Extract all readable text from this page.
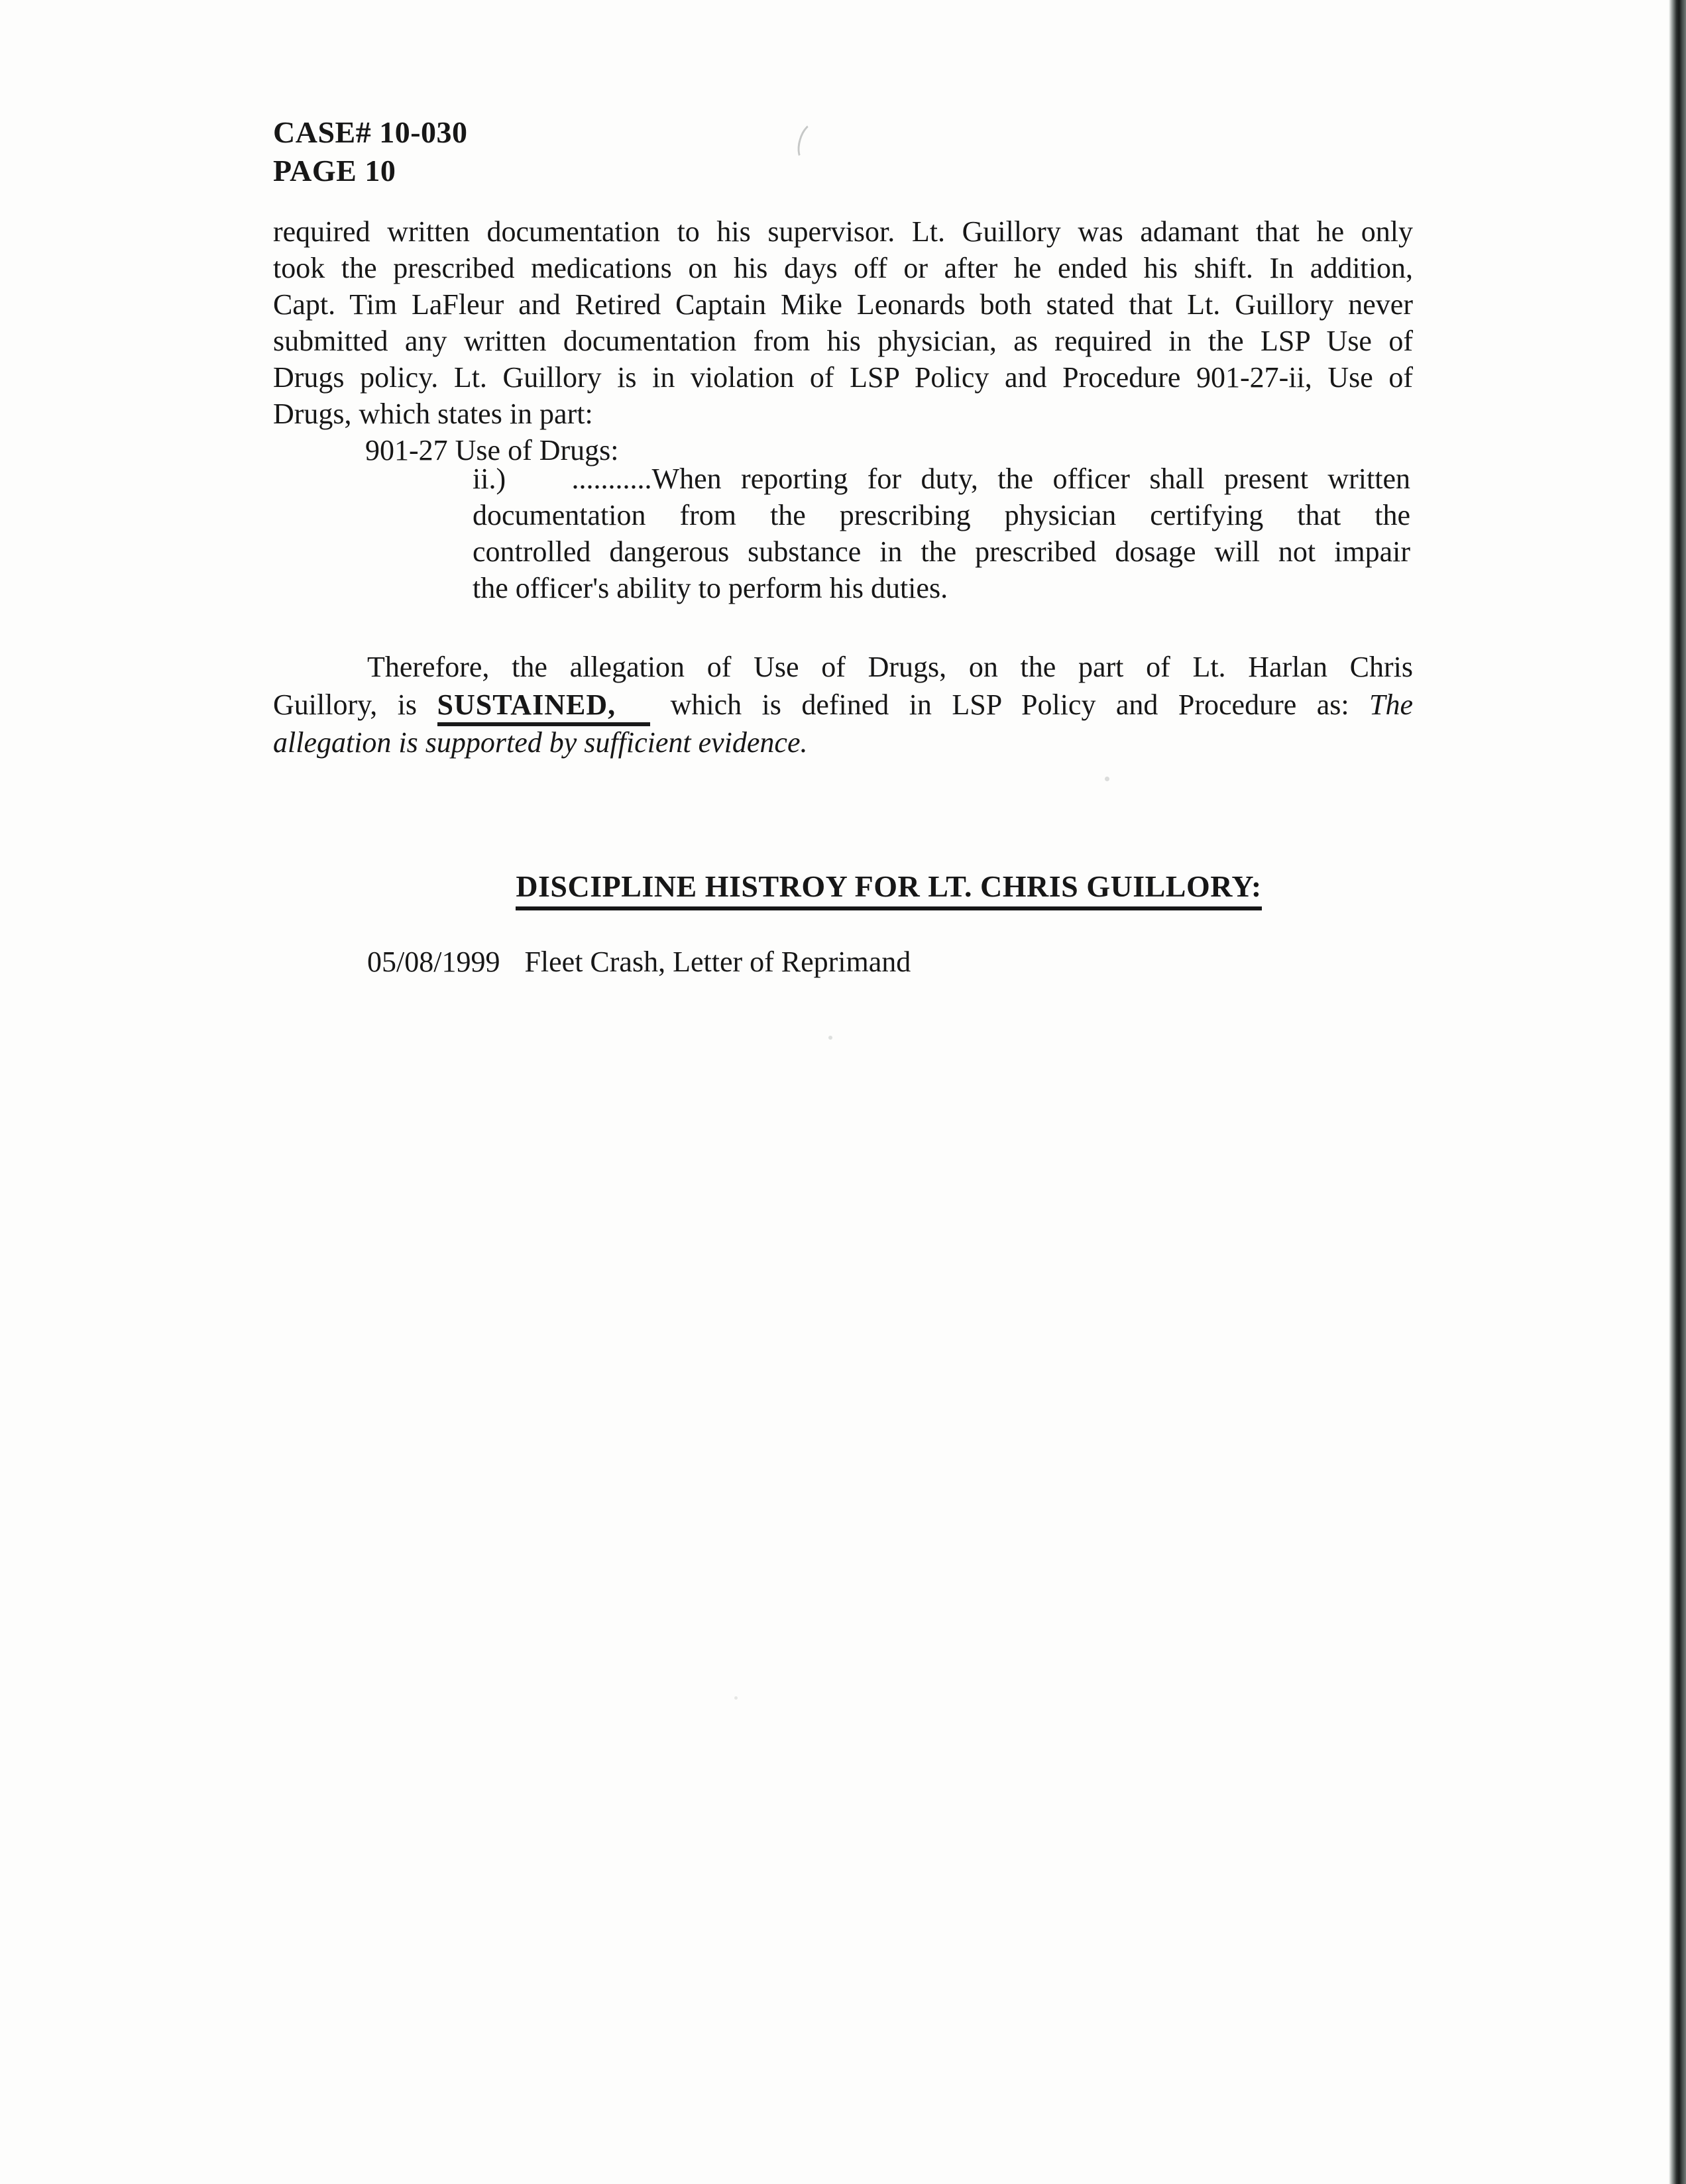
CASE# 10-030
PAGE 10
required written documentation to his supervisor. Lt. Guillory was adamant that he only
took the prescribed medications on his days off or after he ended his shift. In addition,
Capt. Tim LaFleur and Retired Captain Mike Leonards both stated that Lt. Guillory never
submitted any written documentation from his physician, as required in the LSP Use of
Drugs policy. Lt. Guillory is in violation of LSP Policy and Procedure 901-27-ii, Use of
Drugs, which states in part:
901-27 Use of Drugs:
ii.) ...........When reporting for duty, the officer shall present written
documentation from the prescribing physician certifying that the
controlled dangerous substance in the prescribed dosage will not impair
the officer's ability to perform his duties.
Therefore, the allegation of Use of Drugs, on the part of Lt. Harlan Chris
Guillory, is SUSTAINED, which is defined in LSP Policy and Procedure as: The
allegation is supported by sufficient evidence.
DISCIPLINE HISTROY FOR LT. CHRIS GUILLORY:
05/08/1999 Fleet Crash, Letter of Reprimand
